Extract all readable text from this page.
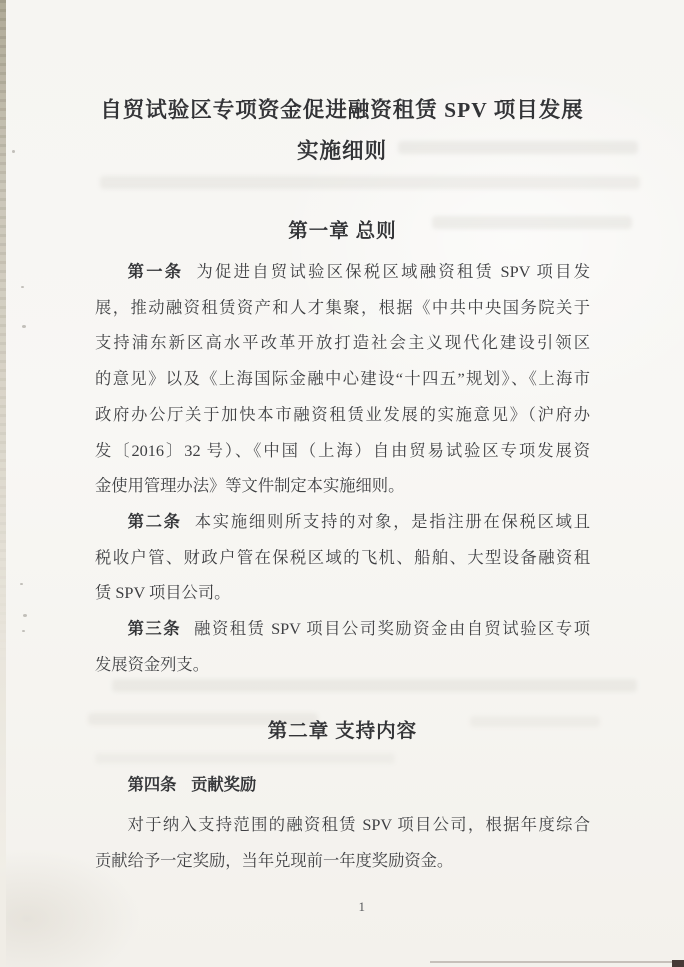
自贸试验区专项资金促进融资租赁 SPV 项目发展
实施细则
第一章 总则
第一条 为促进自贸试验区保税区域融资租赁 SPV 项目发
展，推动融资租赁资产和人才集聚，根据《中共中央国务院关于
支持浦东新区高水平改革开放打造社会主义现代化建设引领区
的意见》以及《上海国际金融中心建设“十四五”规划》、《上海市
政府办公厅关于加快本市融资租赁业发展的实施意见》（沪府办
发〔2016〕32 号）、《中国（上海）自由贸易试验区专项发展资
金使用管理办法》等文件制定本实施细则。
第二条 本实施细则所支持的对象，是指注册在保税区域且
税收户管、财政户管在保税区域的飞机、船舶、大型设备融资租
赁 SPV 项目公司。
第三条 融资租赁 SPV 项目公司奖励资金由自贸试验区专项
发展资金列支。
第二章 支持内容
第四条 贡献奖励
对于纳入支持范围的融资租赁 SPV 项目公司，根据年度综合
贡献给予一定奖励，当年兑现前一年度奖励资金。
1
